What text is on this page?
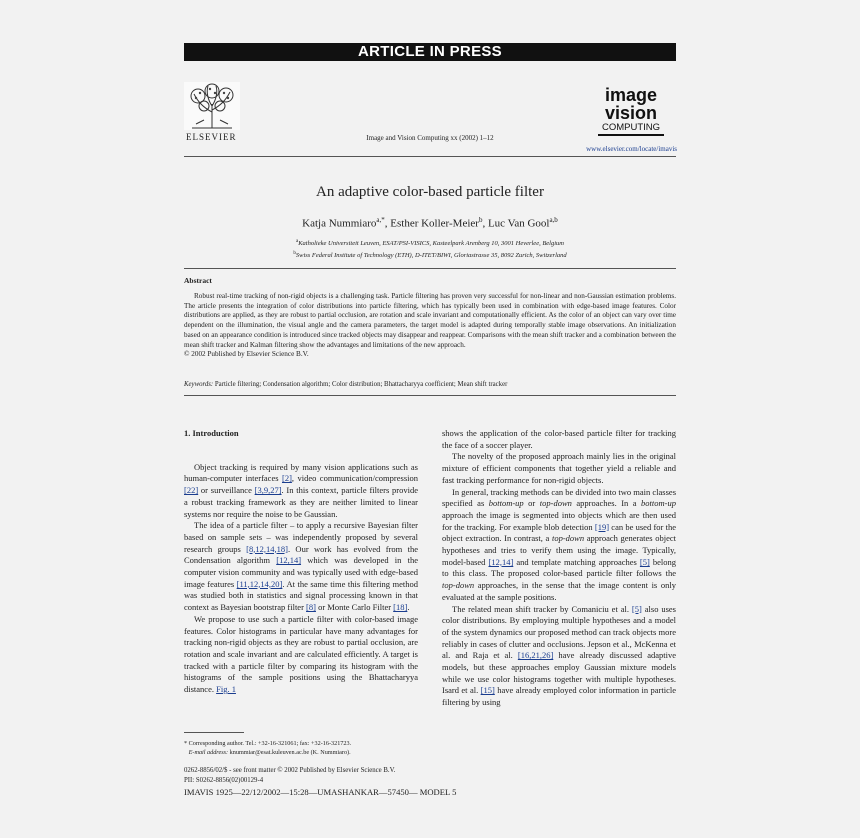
ARTICLE IN PRESS
ELSEVIER	Image and Vision Computing xx (2002) 1–12
image
vision
COMPUTING
www.elsevier.com/locate/imavis
An adaptive color-based particle filter
Katja Nummiaro$^{a,*}$, Esther Koller-Meier$^b$, Luc Van Gool$^{a,b}$
$^a$Katholieke Universiteit Leuven, ESAT/PSI-VISICS, Kasteelpark Arenberg 10, 3001 Heverlee, Belgium
$^b$Swiss Federal Institute of Technology (ETH), D-ITET/BIWI, Gloriastrasse 35, 8092 Zurich, Switzerland
Abstract

Robust real-time tracking of non-rigid objects is a challenging task. Particle filtering has proven very successful for non-linear and non-Gaussian estimation problems. The article presents the integration of color distributions into particle filtering, which has typically been used in combination with edge-based image features. Color distributions are applied, as they are robust to partial occlusion, are rotation and scale invariant and computationally efficient. As the color of an object can vary over time dependent on the illumination, the visual angle and the camera parameters, the target model is adapted during temporally stable image observations. An initialization based on an appearance condition is introduced since tracked objects may disappear and reappear. Comparisons with the mean shift tracker and a combination between the mean shift tracker and Kalman filtering show the advantages and limitations of the new approach.

© 2002 Published by Elsevier Science B.V.
Keywords: Particle filtering; Condensation algorithm; Color distribution; Bhattacharyya coefficient; Mean shift tracker

1. Introduction

Object tracking is required by many vision applications such as human-computer interfaces [2], video communication/compression [22] or surveillance [3,9,27]. In this context, particle filters provide a robust tracking framework as they are neither limited to linear systems nor require the noise to be Gaussian.

The idea of a particle filter – to apply a recursive Bayesian filter based on sample sets – was independently proposed by several research groups [8,12,14,18]. Our work has evolved from the Condensation algorithm [12,14] which was developed in the computer vision community and was typically used with edge-based image features [11,12,14,20]. At the same time this filtering method was studied both in statistics and signal processing known in that context as Bayesian bootstrap filter [8] or Monte Carlo Filter [18].

We propose to use such a particle filter with color-based image features. Color histograms in particular have many advantages for tracking non-rigid objects as they are robust to partial occlusion, are rotation and scale invariant and are calculated efficiently. A target is tracked with a particle filter by comparing its histogram with the histograms of the sample positions using the Bhattacharyya distance. Fig. 1

shows the application of the color-based particle filter for tracking the face of a soccer player.

The novelty of the proposed approach mainly lies in the original mixture of efficient components that together yield a reliable and fast tracking performance for non-rigid objects.

In general, tracking methods can be divided into two main classes specified as bottom-up or top-down approaches. In a bottom-up approach the image is segmented into objects which are then used for the tracking. For example blob detection [19] can be used for the object extraction. In contrast, a top-down approach generates object hypotheses and tries to verify them using the image. Typically, model-based [12,14] and template matching approaches [5] belong to this class. The proposed color-based particle filter follows the top-down approaches, in the sense that the image content is only evaluated at the sample positions.

The related mean shift tracker by Comaniciu et al. [5] also uses color distributions. By employing multiple hypotheses and a model of the system dynamics our proposed method can track objects more reliably in cases of clutter and occlusions. Jepson et al., McKenna et al. and Raja et al. [16,21,26] have already discussed adaptive models, but these approaches employ Gaussian mixture models while we use color histograms together with multiple hypotheses. Isard et al. [15] have already employed color information in particle filtering by using

* Corresponding author. Tel.: +32-16-321061; fax: +32-16-321723.
E-mail address: knummiar@esat.kuleuven.ac.be (K. Nummiaro).
0262-8856/02/$ - see front matter © 2002 Published by Elsevier Science B.V.
PII: S0262-8856(02)00129-4
IMAVIS 1925—22/12/2002—15:28—UMASHANKAR—57450— MODEL 5
